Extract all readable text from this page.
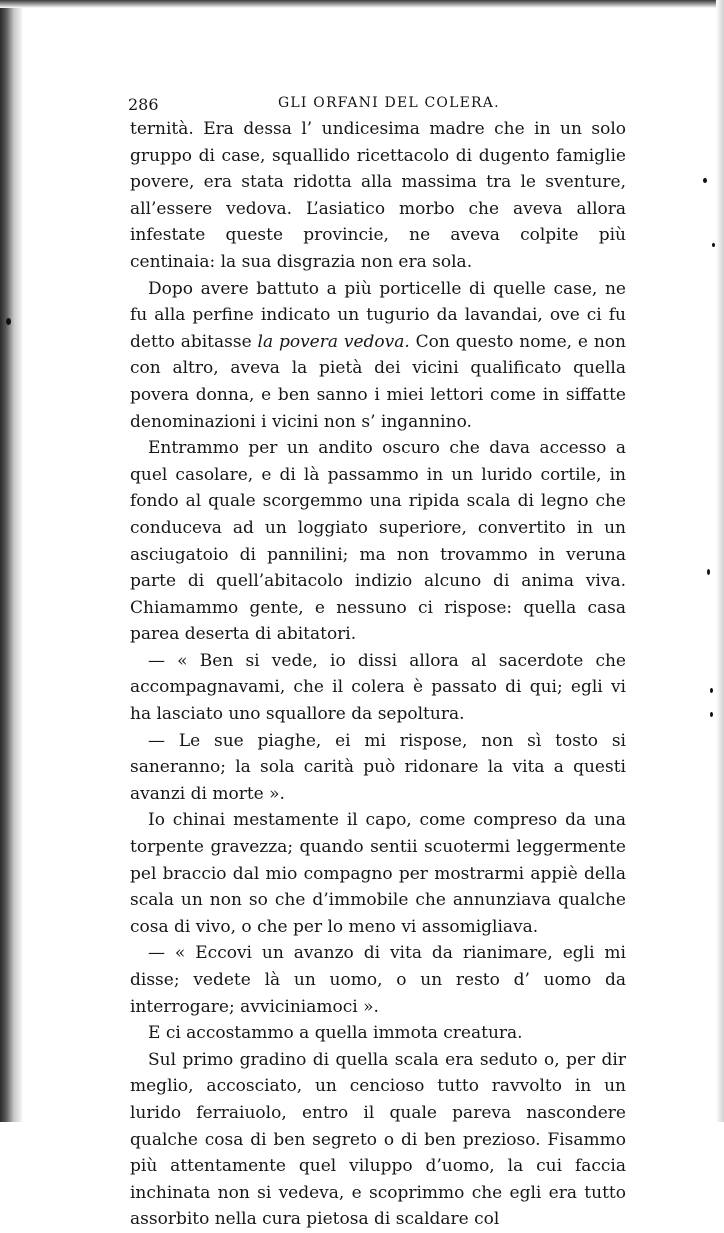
286	GLI ORFANI DEL COLERA.

ternità. Era dessa l’ undicesima madre che in un solo gruppo di case, squallido ricettacolo di dugento famiglie povere, era stata ridotta alla massima tra le sventure, all’essere vedova. L’asiatico morbo che aveva allora infestate queste provincie, ne aveva colpite più centinaia: la sua disgrazia non era sola.

Dopo avere battuto a più porticelle di quelle case, ne fu alla perfine indicato un tugurio da lavandai, ove ci fu detto abitasse la povera vedova. Con questo nome, e non con altro, aveva la pietà dei vicini qualificato quella povera donna, e ben sanno i miei lettori come in siffatte denominazioni i vicini non s’ ingannino.

Entrammo per un andito oscuro che dava accesso a quel casolare, e di là passammo in un lurido cortile, in fondo al quale scorgemmo una ripida scala di legno che conduceva ad un loggiato superiore, convertito in un asciugatoio di pannilini; ma non trovammo in veruna parte di quell’abitacolo indizio alcuno di anima viva. Chiamammo gente, e nessuno ci rispose: quella casa parea deserta di abitatori.

— « Ben si vede, io dissi allora al sacerdote che accompagnavami, che il colera è passato di qui; egli vi ha lasciato uno squallore da sepoltura.

— Le sue piaghe, ei mi rispose, non sì tosto si saneranno; la sola carità può ridonare la vita a questi avanzi di morte ».

Io chinai mestamente il capo, come compreso da una torpente gravezza; quando sentii scuotermi leggermente pel braccio dal mio compagno per mostrarmi appiè della scala un non so che d’immobile che annunziava qualche cosa di vivo, o che per lo meno vi assomigliava.

— « Eccovi un avanzo di vita da rianimare, egli mi disse; vedete là un uomo, o un resto d’ uomo da interrogare; avviciniamoci ».

E ci accostammo a quella immota creatura.

Sul primo gradino di quella scala era seduto o, per dir meglio, accosciato, un cencioso tutto ravvolto in un lurido ferraiuolo, entro il quale pareva nascondere qualche cosa di ben segreto o di ben prezioso. Fisammo più attentamente quel viluppo d’uomo, la cui faccia inchinata non si vedeva, e scoprimmo che egli era tutto assorbito nella cura pietosa di scaldare col
